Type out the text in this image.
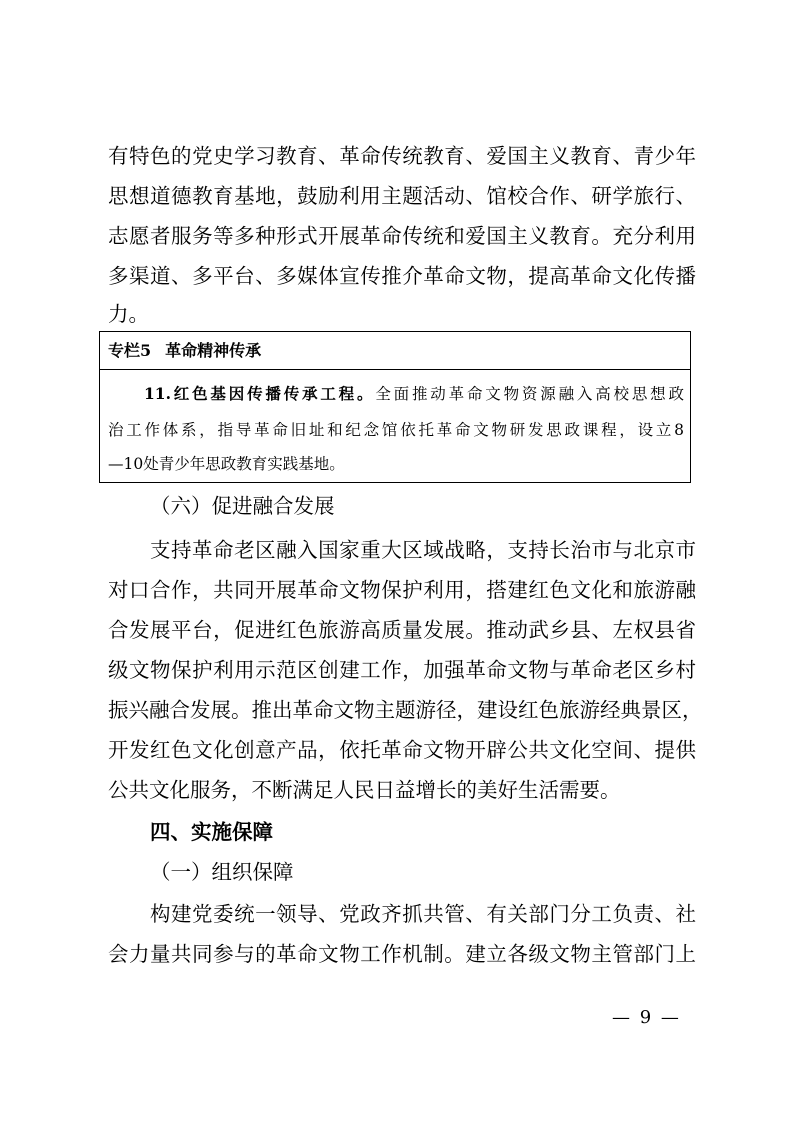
有特色的党史学习教育、革命传统教育、爱国主义教育、青少年
思想道德教育基地，鼓励利用主题活动、馆校合作、研学旅行、
志愿者服务等多种形式开展革命传统和爱国主义教育。充分利用
多渠道、多平台、多媒体宣传推介革命文物，提高革命文化传播
力。
专栏5 革命精神传承
11.红色基因传播传承工程。全面推动革命文物资源融入高校思想政
治工作体系，指导革命旧址和纪念馆依托革命文物研发思政课程，设立8
—10处青少年思政教育实践基地。
（六）促进融合发展
支持革命老区融入国家重大区域战略，支持长治市与北京市
对口合作，共同开展革命文物保护利用，搭建红色文化和旅游融
合发展平台，促进红色旅游高质量发展。推动武乡县、左权县省
级文物保护利用示范区创建工作，加强革命文物与革命老区乡村
振兴融合发展。推出革命文物主题游径，建设红色旅游经典景区，
开发红色文化创意产品，依托革命文物开辟公共文化空间、提供
公共文化服务，不断满足人民日益增长的美好生活需要。
四、实施保障
（一）组织保障
构建党委统一领导、党政齐抓共管、有关部门分工负责、社
会力量共同参与的革命文物工作机制。建立各级文物主管部门上
— 9 —
